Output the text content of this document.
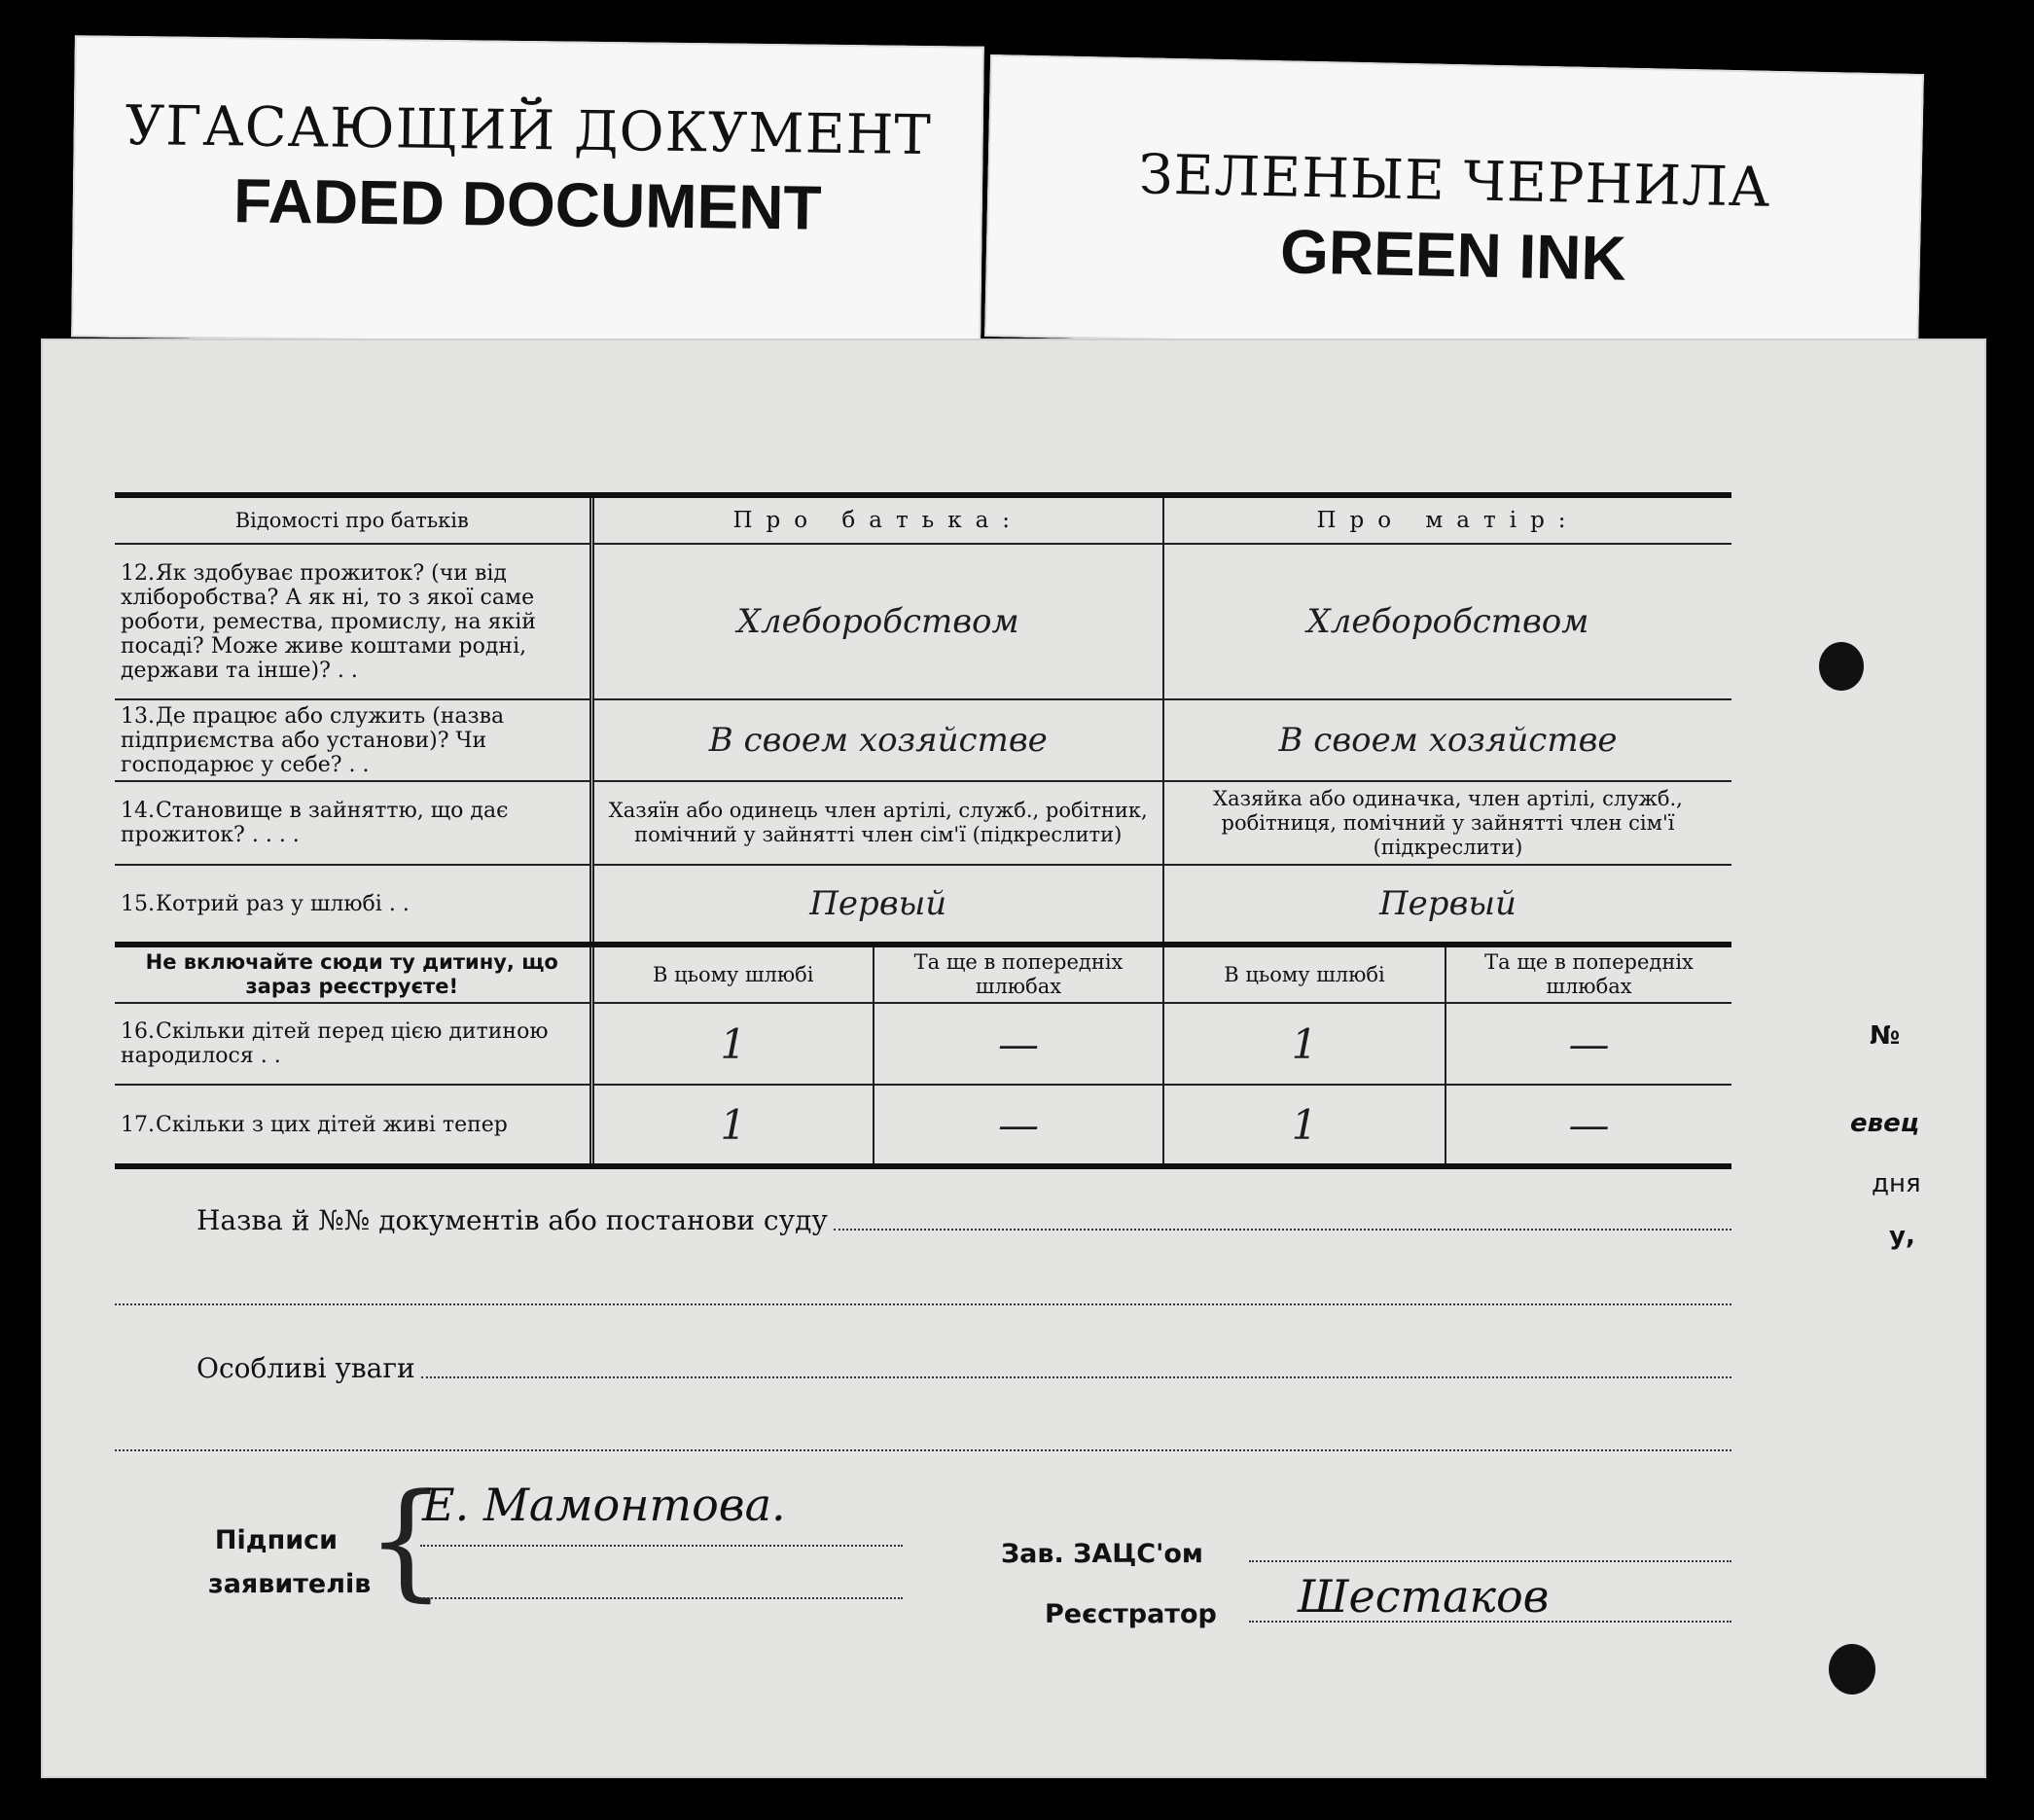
УГАСАЮЩИЙ ДОКУМЕНТ
FADED DOCUMENT	ЗЕЛЕНЫЕ ЧЕРНИЛА
GREEN INK
Відомості про батьків	Про батька:		Про матір:	
12.Як здобуває прожиток? (чи від хліборобства? А як ні, то з якої саме роботи, ремества, промислу, на якій посаді? Може живе коштами родні, держави та інше)? . .	Хлеборобством		Хлеборобством	
13.Де працює або служить (назва підприємства або установи)? Чи господарює у себе? . .	В своем хозяйстве		В своем хозяйстве	
14.Становище в зайняттю, що дає прожиток? . . . .	Хазяїн або одинець член артілі, служб., робітник, помічний у зайнятті член сім'ї (підкреслити)		Хазяйка або одиначка, член артілі, служб., робітниця, помічний у зайнятті член сім'ї (підкреслити)	
15.Котрий раз у шлюбі . .	Первый		Первый	
Не включайте сюди ту дитину, що зараз реєструєте!	В цьому шлюбі	Та ще в попередніх шлюбах	В цьому шлюбі	Та ще в попередніх шлюбах
16.Скільки дітей перед цією дитиною народилося . .	1	—	1	—
17.Скільки з цих дітей живі тепер	1	—	1	—
Назва й №№ документів або постанови суду
Особливі уваги
Підписи
заявителів
{
Е. Мамонтова.
Зав. ЗАЦС'ом
Реєстратор Шестаков
№
евец
дня
у,
